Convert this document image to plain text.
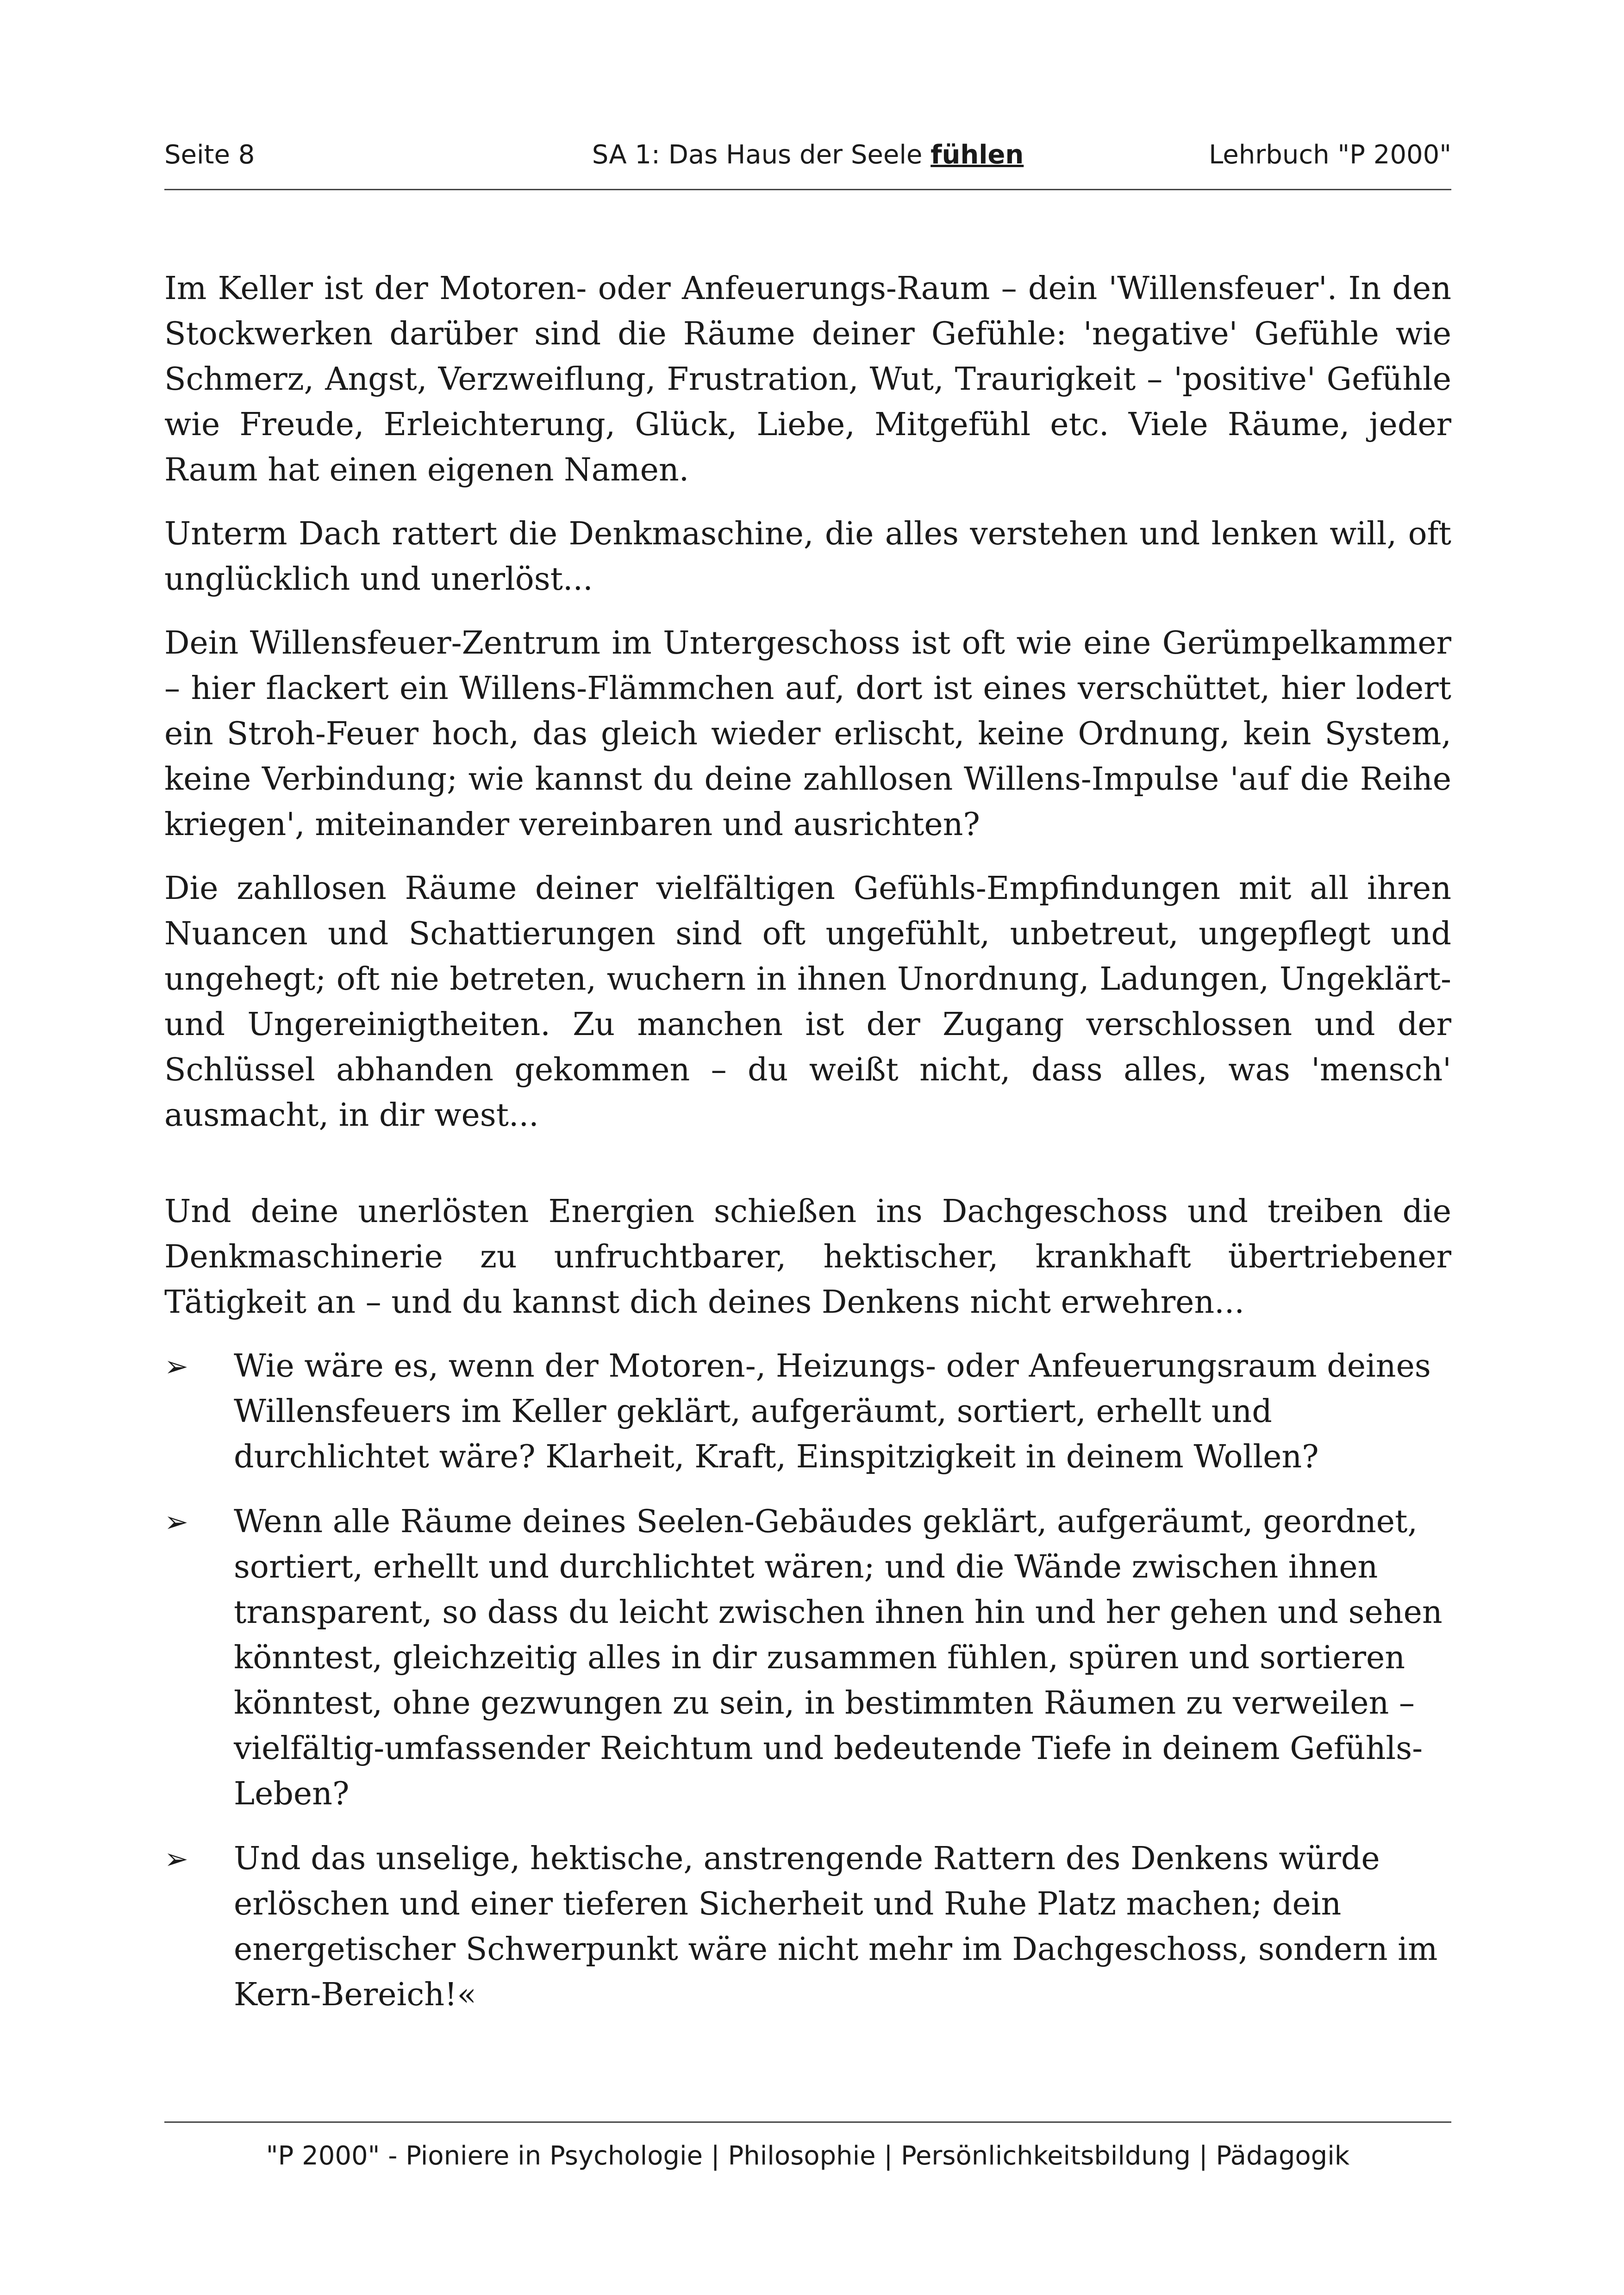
Seite 8	SA 1: Das Haus der Seele fühlen	Lehrbuch "P 2000"

Im Keller ist der Motoren- oder Anfeuerungs-Raum – dein 'Willensfeuer'. In den Stockwerken darüber sind die Räume deiner Gefühle: 'negative' Gefühle wie Schmerz, Angst, Verzweiflung, Frustration, Wut, Traurigkeit – 'positive' Gefühle wie Freude, Erleichterung, Glück, Liebe, Mitgefühl etc. Viele Räume, jeder Raum hat einen eigenen Namen.

Unterm Dach rattert die Denkmaschine, die alles verstehen und lenken will, oft unglücklich und unerlöst...

Dein Willensfeuer-Zentrum im Untergeschoss ist oft wie eine Gerümpelkammer – hier flackert ein Willens-Flämmchen auf, dort ist eines verschüttet, hier lodert ein Stroh-Feuer hoch, das gleich wieder erlischt, keine Ordnung, kein System, keine Verbindung; wie kannst du deine zahllosen Willens-Impulse 'auf die Reihe kriegen', miteinander vereinbaren und ausrichten?

Die zahllosen Räume deiner vielfältigen Gefühls-Empfindungen mit all ihren Nuancen und Schattierungen sind oft ungefühlt, unbetreut, ungepflegt und ungehegt; oft nie betreten, wuchern in ihnen Unordnung, Ladungen, Ungeklärt- und Ungereinigtheiten. Zu manchen ist der Zugang verschlossen und der Schlüssel abhanden gekommen – du weißt nicht, dass alles, was 'mensch' ausmacht, in dir west...

Und deine unerlösten Energien schießen ins Dachgeschoss und treiben die Denkmaschinerie zu unfruchtbarer, hektischer, krankhaft übertriebener Tätigkeit an – und du kannst dich deines Denkens nicht erwehren...

➢ Wie wäre es, wenn der Motoren-, Heizungs- oder Anfeuerungsraum deines Willensfeuers im Keller geklärt, aufgeräumt, sortiert, erhellt und durchlichtet wäre? Klarheit, Kraft, Einspitzigkeit in deinem Wollen?
➢ Wenn alle Räume deines Seelen-Gebäudes geklärt, aufgeräumt, geordnet, sortiert, erhellt und durchlichtet wären; und die Wände zwischen ihnen transparent, so dass du leicht zwischen ihnen hin und her gehen und sehen könntest, gleichzeitig alles in dir zusammen fühlen, spüren und sortieren könntest, ohne gezwungen zu sein, in bestimmten Räumen zu verweilen – vielfältig-umfassender Reichtum und bedeutende Tiefe in deinem Gefühls-Leben?
➢ Und das unselige, hektische, anstrengende Rattern des Denkens würde erlöschen und einer tieferen Sicherheit und Ruhe Platz machen; dein energetischer Schwerpunkt wäre nicht mehr im Dachgeschoss, sondern im Kern-Bereich!«
"P 2000" - Pioniere in Psychologie | Philosophie | Persönlichkeitsbildung | Pädagogik
